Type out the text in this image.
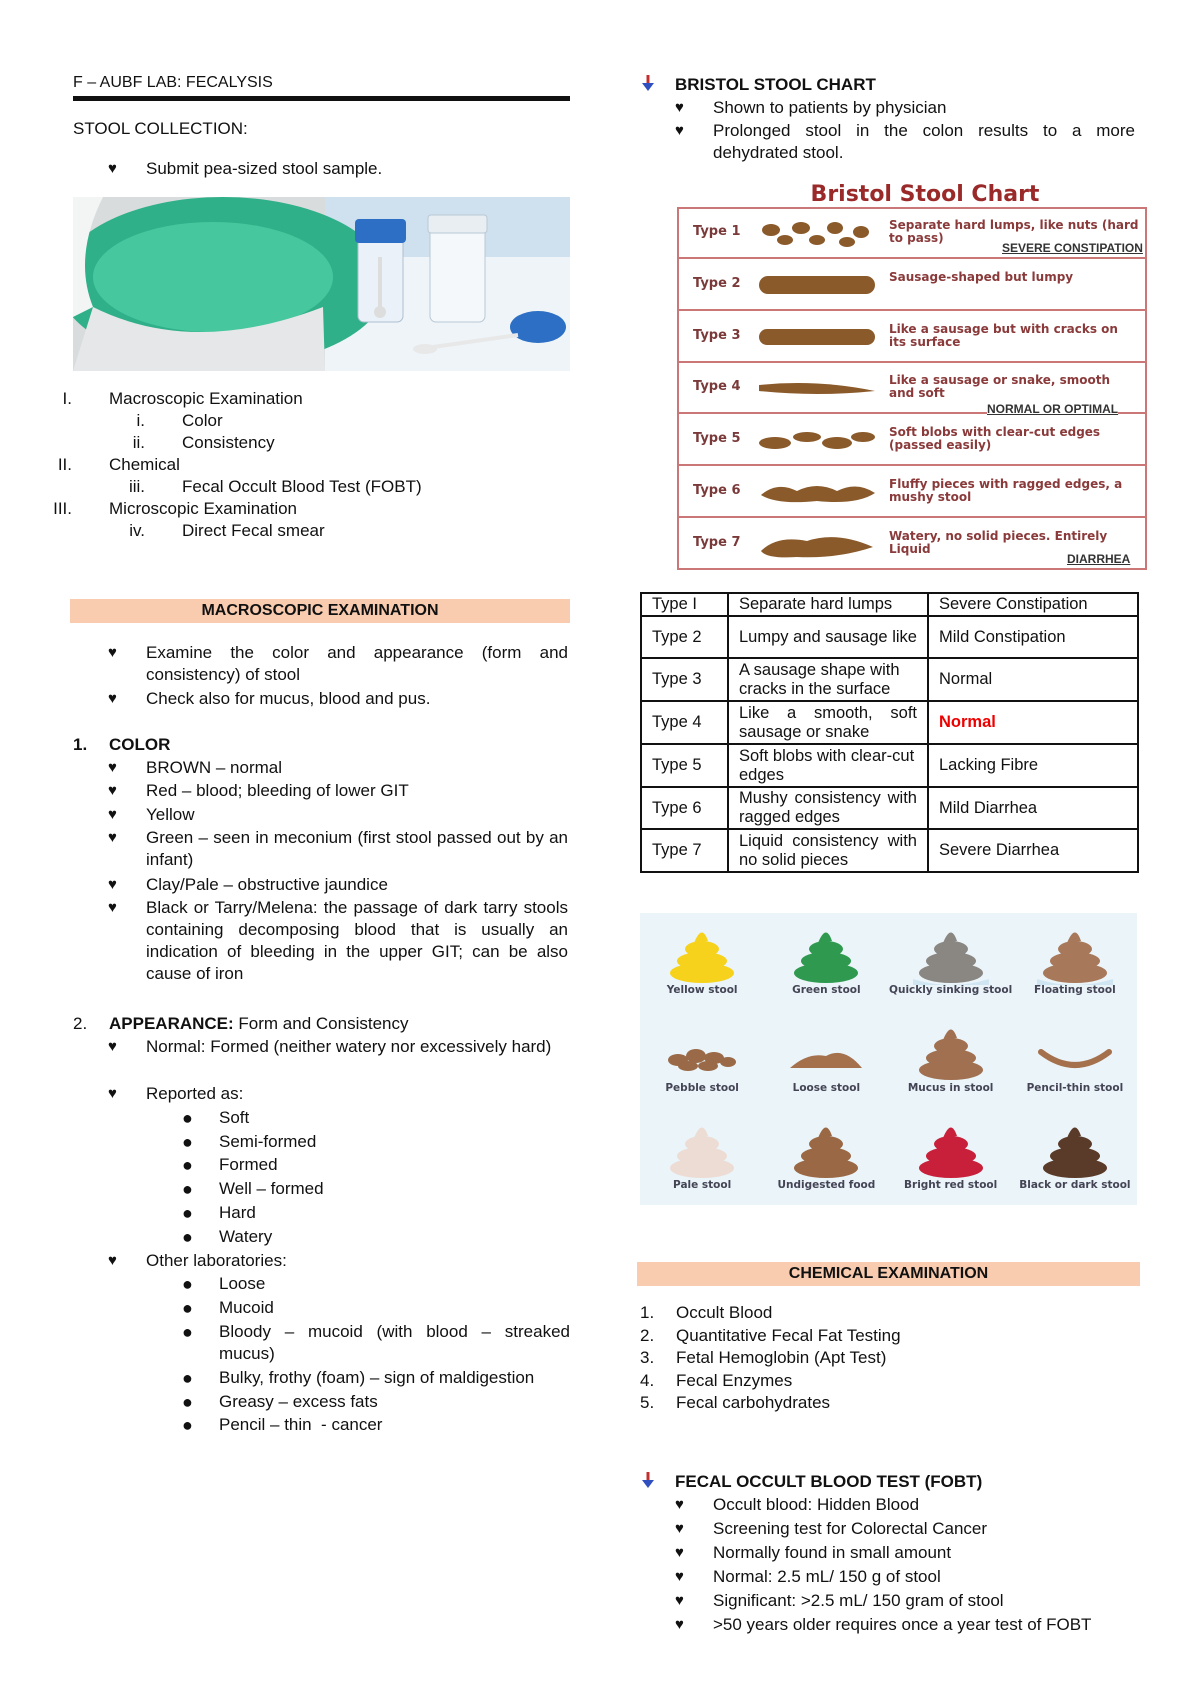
F – AUBF LAB: FECALYSIS
STOOL COLLECTION:
♥ Submit pea-sized stool sample.
I. Macroscopic Examination
i. Color
ii. Consistency
II. Chemical
iii. Fecal Occult Blood Test (FOBT)
III. Microscopic Examination
iv. Direct Fecal smear
MACROSCOPIC EXAMINATION
♥ Examine the color and appearance (form and consistency) of stool
♥ Check also for mucus, blood and pus.
1. COLOR
♥ BROWN – normal
♥ Red – blood; bleeding of lower GIT
♥ Yellow
♥ Green – seen in meconium (first stool passed out by an infant)
♥ Clay/Pale – obstructive jaundice
♥ Black or Tarry/Melena: the passage of dark tarry stools containing decomposing blood that is usually an indication of bleeding in the upper GIT; can be also cause of iron
2. APPEARANCE: Form and Consistency
♥ Normal: Formed (neither watery nor excessively hard)
♥ Reported as:
● Soft
● Semi-formed
● Formed
● Well – formed
● Hard
● Watery
♥ Other laboratories:
● Loose
● Mucoid
● Bloody – mucoid (with blood – streaked mucus)
● Bulky, frothy (foam) – sign of maldigestion
● Greasy – excess fats
● Pencil – thin  - cancer
BRISTOL STOOL CHART
♥ Shown to patients by physician
♥ Prolonged stool in the colon results to a more dehydrated stool.
Bristol Stool Chart
Type 1	Separate hard lumps, like nuts (hard to pass)
SEVERE CONSTIPATION
Type 2	Sausage-shaped but lumpy
Type 3	Like a sausage but with cracks on its surface
Type 4	Like a sausage or snake, smooth and soft
NORMAL OR OPTIMAL
Type 5	Soft blobs with clear-cut edges (passed easily)
Type 6	Fluffy pieces with ragged edges, a mushy stool
Type 7	Watery, no solid pieces. Entirely Liquid
DIARRHEA
Type I	Separate hard lumps	Severe Constipation
Type 2	Lumpy and sausage like	Mild Constipation
Type 3	A sausage shape with cracks in the surface	Normal
Type 4	Like a smooth, soft sausage or snake	Normal
Type 5	Soft blobs with clear-cut edges	Lacking Fibre
Type 6	Mushy consistency with ragged edges	Mild Diarrhea
Type 7	Liquid consistency with no solid pieces	Severe Diarrhea
Yellow stool	Green stool	Quickly sinking stool	Floating stool
Pebble stool	Loose stool	Mucus in stool	Pencil-thin stool
Pale stool	Undigested food	Bright red stool	Black or dark stool
CHEMICAL EXAMINATION
1. Occult Blood
2. Quantitative Fecal Fat Testing
3. Fetal Hemoglobin (Apt Test)
4. Fecal Enzymes
5. Fecal carbohydrates
FECAL OCCULT BLOOD TEST (FOBT)
♥ Occult blood: Hidden Blood
♥ Screening test for Colorectal Cancer
♥ Normally found in small amount
♥ Normal: 2.5 mL/ 150 g of stool
♥ Significant: >2.5 mL/ 150 gram of stool
♥ >50 years older requires once a year test of FOBT
